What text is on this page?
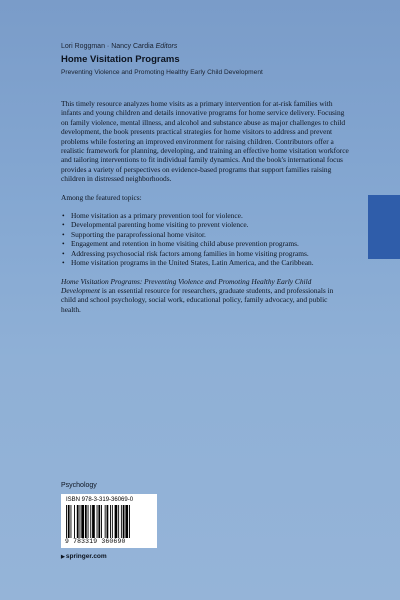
Lori Roggman · Nancy Cardia Editors
Home Visitation Programs
Preventing Violence and Promoting Healthy Early Child Development

This timely resource analyzes home visits as a primary intervention for at-risk families with infants and young children and details innovative programs for home service delivery. Focusing on family violence, mental illness, and alcohol and substance abuse as major challenges to child development, the book presents practical strategies for home visitors to address and prevent problems while fostering an improved environment for raising children. Contributors offer a realistic framework for planning, developing, and training an effective home visitation workforce and tailoring interventions to fit individual family dynamics. And the book's international focus provides a variety of perspectives on evidence-based programs that support families raising children in distressed neighborhoods.

Among the featured topics:

• Home visitation as a primary prevention tool for violence.
• Developmental parenting home visiting to prevent violence.
• Supporting the paraprofessional home visitor.
• Engagement and retention in home visiting child abuse prevention programs.
• Addressing psychosocial risk factors among families in home visiting programs.
• Home visitation programs in the United States, Latin America, and the Caribbean.

Home Visitation Programs: Preventing Violence and Promoting Healthy Early Child Development is an essential resource for researchers, graduate students, and professionals in child and school psychology, social work, educational policy, family advocacy, and public health.

Psychology
ISBN 978-3-319-36069-0
9 783319 360690
▶springer.com
